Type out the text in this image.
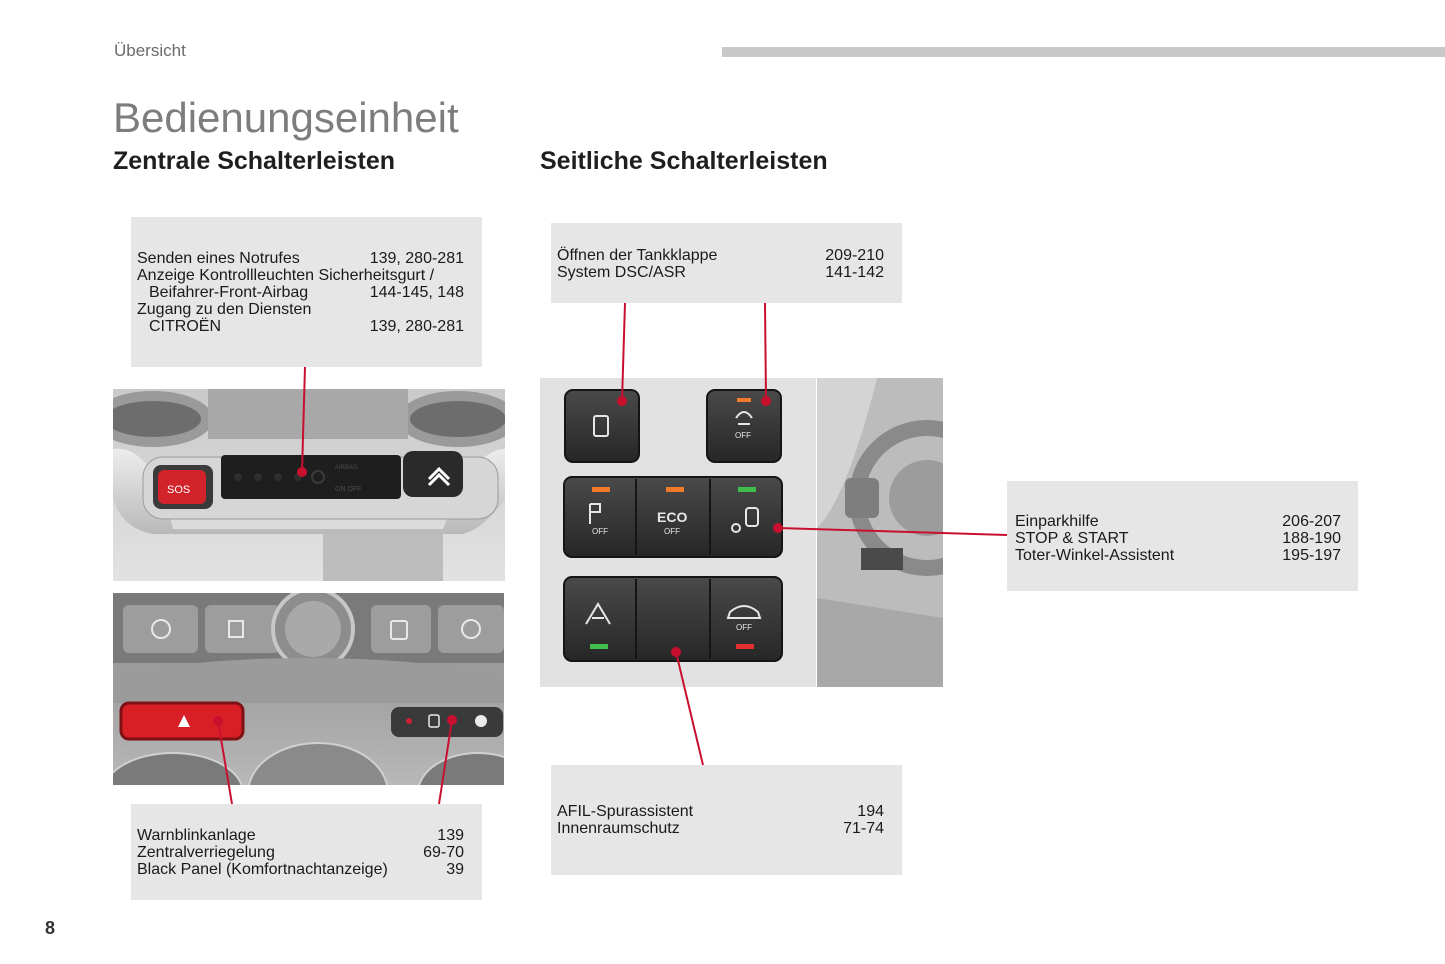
Übersicht
Bedienungseinheit
Zentrale Schalterleisten	Seitliche Schalterleisten
Senden eines Notrufes	139, 280-281
Anzeige Kontrollleuchten Sicherheitsgurt /
Beifahrer-Front-Airbag	144-145, 148
Zugang zu den Diensten
CITROËN	139, 280-281
SOS
AIRBAG
ON OFF
Warnblinkanlage	139
Zentralverriegelung	69-70
Black Panel (Komfortnachtanzeige)	39
Öffnen der Tankklappe	209-210
System DSC/ASR	141-142
OFF
OFF
ECO
OFF
OFF
Einparkhilfe	206-207
STOP & START	188-190
Toter-Winkel-Assistent	195-197
AFIL-Spurassistent	194
Innenraumschutz	71-74
8
